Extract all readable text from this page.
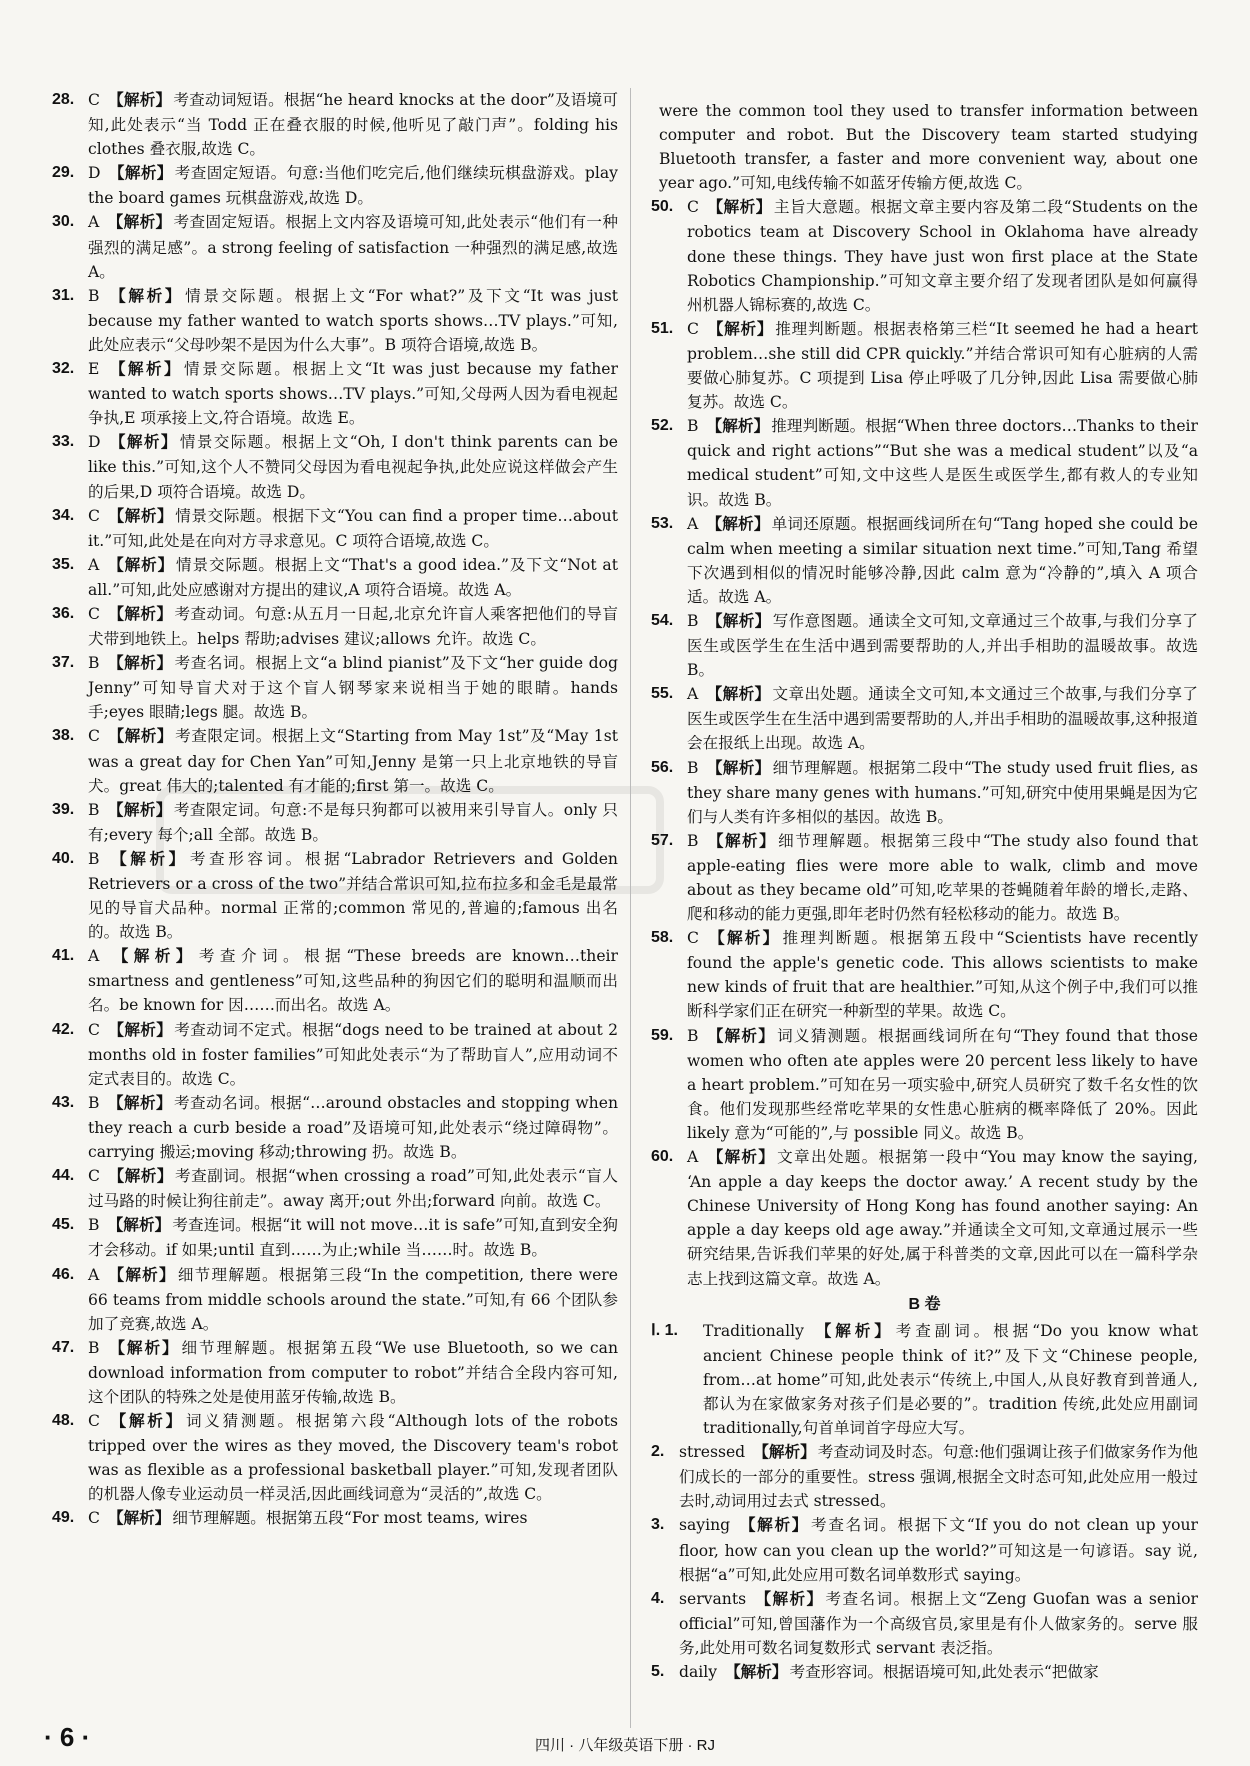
28. C 【解析】 考查动词短语。根据“he heard knocks at the door”及语境可知,此处表示“当 Todd 正在叠衣服的时候,他听见了敲门声”。folding his clothes 叠衣服,故选 C。

29. D 【解析】 考查固定短语。句意:当他们吃完后,他们继续玩棋盘游戏。play the board games 玩棋盘游戏,故选 D。

30. A 【解析】 考查固定短语。根据上文内容及语境可知,此处表示“他们有一种强烈的满足感”。a strong feeling of satisfaction 一种强烈的满足感,故选 A。

31. B 【解析】 情景交际题。根据上文“For what?”及下文“It was just because my father wanted to watch sports shows…TV plays.”可知,此处应表示“父母吵架不是因为什么大事”。B 项符合语境,故选 B。

32. E 【解析】 情景交际题。根据上文“It was just because my father wanted to watch sports shows…TV plays.”可知,父母两人因为看电视起争执,E 项承接上文,符合语境。故选 E。

33. D 【解析】 情景交际题。根据上文“Oh, I don't think parents can be like this.”可知,这个人不赞同父母因为看电视起争执,此处应说这样做会产生的后果,D 项符合语境。故选 D。

34. C 【解析】 情景交际题。根据下文“You can find a proper time…about it.”可知,此处是在向对方寻求意见。C 项符合语境,故选 C。

35. A 【解析】 情景交际题。根据上文“That's a good idea.”及下文“Not at all.”可知,此处应感谢对方提出的建议,A 项符合语境。故选 A。

36. C 【解析】 考查动词。句意:从五月一日起,北京允许盲人乘客把他们的导盲犬带到地铁上。helps 帮助;advises 建议;allows 允许。故选 C。

37. B 【解析】 考查名词。根据上文“a blind pianist”及下文“her guide dog Jenny”可知导盲犬对于这个盲人钢琴家来说相当于她的眼睛。hands 手;eyes 眼睛;legs 腿。故选 B。

38. C 【解析】 考查限定词。根据上文“Starting from May 1st”及“May 1st was a great day for Chen Yan”可知,Jenny 是第一只上北京地铁的导盲犬。great 伟大的;talented 有才能的;first 第一。故选 C。

39. B 【解析】 考查限定词。句意:不是每只狗都可以被用来引导盲人。only 只有;every 每个;all 全部。故选 B。

40. B 【解析】 考查形容词。根据“Labrador Retrievers and Golden Retrievers or a cross of the two”并结合常识可知,拉布拉多和金毛是最常见的导盲犬品种。normal 正常的;common 常见的,普遍的;famous 出名的。故选 B。

41. A 【解析】 考查介词。根据“These breeds are known…their smartness and gentleness”可知,这些品种的狗因它们的聪明和温顺而出名。be known for 因……而出名。故选 A。

42. C 【解析】 考查动词不定式。根据“dogs need to be trained at about 2 months old in foster families”可知此处表示“为了帮助盲人”,应用动词不定式表目的。故选 C。

43. B 【解析】 考查动名词。根据“…around obstacles and stopping when they reach a curb beside a road”及语境可知,此处表示“绕过障碍物”。carrying 搬运;moving 移动;throwing 扔。故选 B。

44. C 【解析】 考查副词。根据“when crossing a road”可知,此处表示“盲人过马路的时候让狗往前走”。away 离开;out 外出;forward 向前。故选 C。

45. B 【解析】 考查连词。根据“it will not move…it is safe”可知,直到安全狗才会移动。if 如果;until 直到……为止;while 当……时。故选 B。

46. A 【解析】 细节理解题。根据第三段“In the competition, there were 66 teams from middle schools around the state.”可知,有 66 个团队参加了竞赛,故选 A。

47. B 【解析】 细节理解题。根据第五段“We use Bluetooth, so we can download information from computer to robot”并结合全段内容可知,这个团队的特殊之处是使用蓝牙传输,故选 B。

48. C 【解析】 词义猜测题。根据第六段“Although lots of the robots tripped over the wires as they moved, the Discovery team's robot was as flexible as a professional basketball player.”可知,发现者团队的机器人像专业运动员一样灵活,因此画线词意为“灵活的”,故选 C。

49. C 【解析】 细节理解题。根据第五段“For most teams, wires

were the common tool they used to transfer information between computer and robot. But the Discovery team started studying Bluetooth transfer, a faster and more convenient way, about one year ago.”可知,电线传输不如蓝牙传输方便,故选 C。

50. C 【解析】 主旨大意题。根据文章主要内容及第二段“Students on the robotics team at Discovery School in Oklahoma have already done these things. They have just won first place at the State Robotics Championship.”可知文章主要介绍了发现者团队是如何赢得州机器人锦标赛的,故选 C。

51. C 【解析】 推理判断题。根据表格第三栏“It seemed he had a heart problem…she still did CPR quickly.”并结合常识可知有心脏病的人需要做心肺复苏。C 项提到 Lisa 停止呼吸了几分钟,因此 Lisa 需要做心肺复苏。故选 C。

52. B 【解析】 推理判断题。根据“When three doctors…Thanks to their quick and right actions”“But she was a medical student”以及“a medical student”可知,文中这些人是医生或医学生,都有救人的专业知识。故选 B。

53. A 【解析】 单词还原题。根据画线词所在句“Tang hoped she could be calm when meeting a similar situation next time.”可知,Tang 希望下次遇到相似的情况时能够冷静,因此 calm 意为“冷静的”,填入 A 项合适。故选 A。

54. B 【解析】 写作意图题。通读全文可知,文章通过三个故事,与我们分享了医生或医学生在生活中遇到需要帮助的人,并出手相助的温暖故事。故选 B。

55. A 【解析】 文章出处题。通读全文可知,本文通过三个故事,与我们分享了医生或医学生在生活中遇到需要帮助的人,并出手相助的温暖故事,这种报道会在报纸上出现。故选 A。

56. B 【解析】 细节理解题。根据第二段中“The study used fruit flies, as they share many genes with humans.”可知,研究中使用果蝇是因为它们与人类有许多相似的基因。故选 B。

57. B 【解析】 细节理解题。根据第三段中“The study also found that apple-eating flies were more able to walk, climb and move about as they became old”可知,吃苹果的苍蝇随着年龄的增长,走路、爬和移动的能力更强,即年老时仍然有轻松移动的能力。故选 B。

58. C 【解析】 推理判断题。根据第五段中“Scientists have recently found the apple's genetic code. This allows scientists to make new kinds of fruit that are healthier.”可知,从这个例子中,我们可以推断科学家们正在研究一种新型的苹果。故选 C。

59. B 【解析】 词义猜测题。根据画线词所在句“They found that those women who often ate apples were 20 percent less likely to have a heart problem.”可知在另一项实验中,研究人员研究了数千名女性的饮食。他们发现那些经常吃苹果的女性患心脏病的概率降低了 20%。因此 likely 意为“可能的”,与 possible 同义。故选 B。

60. A 【解析】 文章出处题。根据第一段中“You may know the saying, ‘An apple a day keeps the doctor away.’ A recent study by the Chinese University of Hong Kong has found another saying: An apple a day keeps old age away.”并通读全文可知,文章通过展示一些研究结果,告诉我们苹果的好处,属于科普类的文章,因此可以在一篇科学杂志上找到这篇文章。故选 A。

B 卷

Ⅰ. 1. Traditionally 【解析】 考查副词。根据“Do you know what ancient Chinese people think of it?”及下文“Chinese people, from…at home”可知,此处表示“传统上,中国人,从良好教育到普通人,都认为在家做家务对孩子们是必要的”。tradition 传统,此处应用副词 traditionally,句首单词首字母应大写。

2. stressed 【解析】 考查动词及时态。句意:他们强调让孩子们做家务作为他们成长的一部分的重要性。stress 强调,根据全文时态可知,此处应用一般过去时,动词用过去式 stressed。

3. saying 【解析】 考查名词。根据下文“If you do not clean up your floor, how can you clean up the world?”可知这是一句谚语。say 说,根据“a”可知,此处应用可数名词单数形式 saying。

4. servants 【解析】 考查名词。根据上文“Zeng Guofan was a senior official”可知,曾国藩作为一个高级官员,家里是有仆人做家务的。serve 服务,此处用可数名词复数形式 servant 表泛指。

5. daily 【解析】 考查形容词。根据语境可知,此处表示“把做家

· 6 ·	四川 · 八年级英语下册 · RJ
